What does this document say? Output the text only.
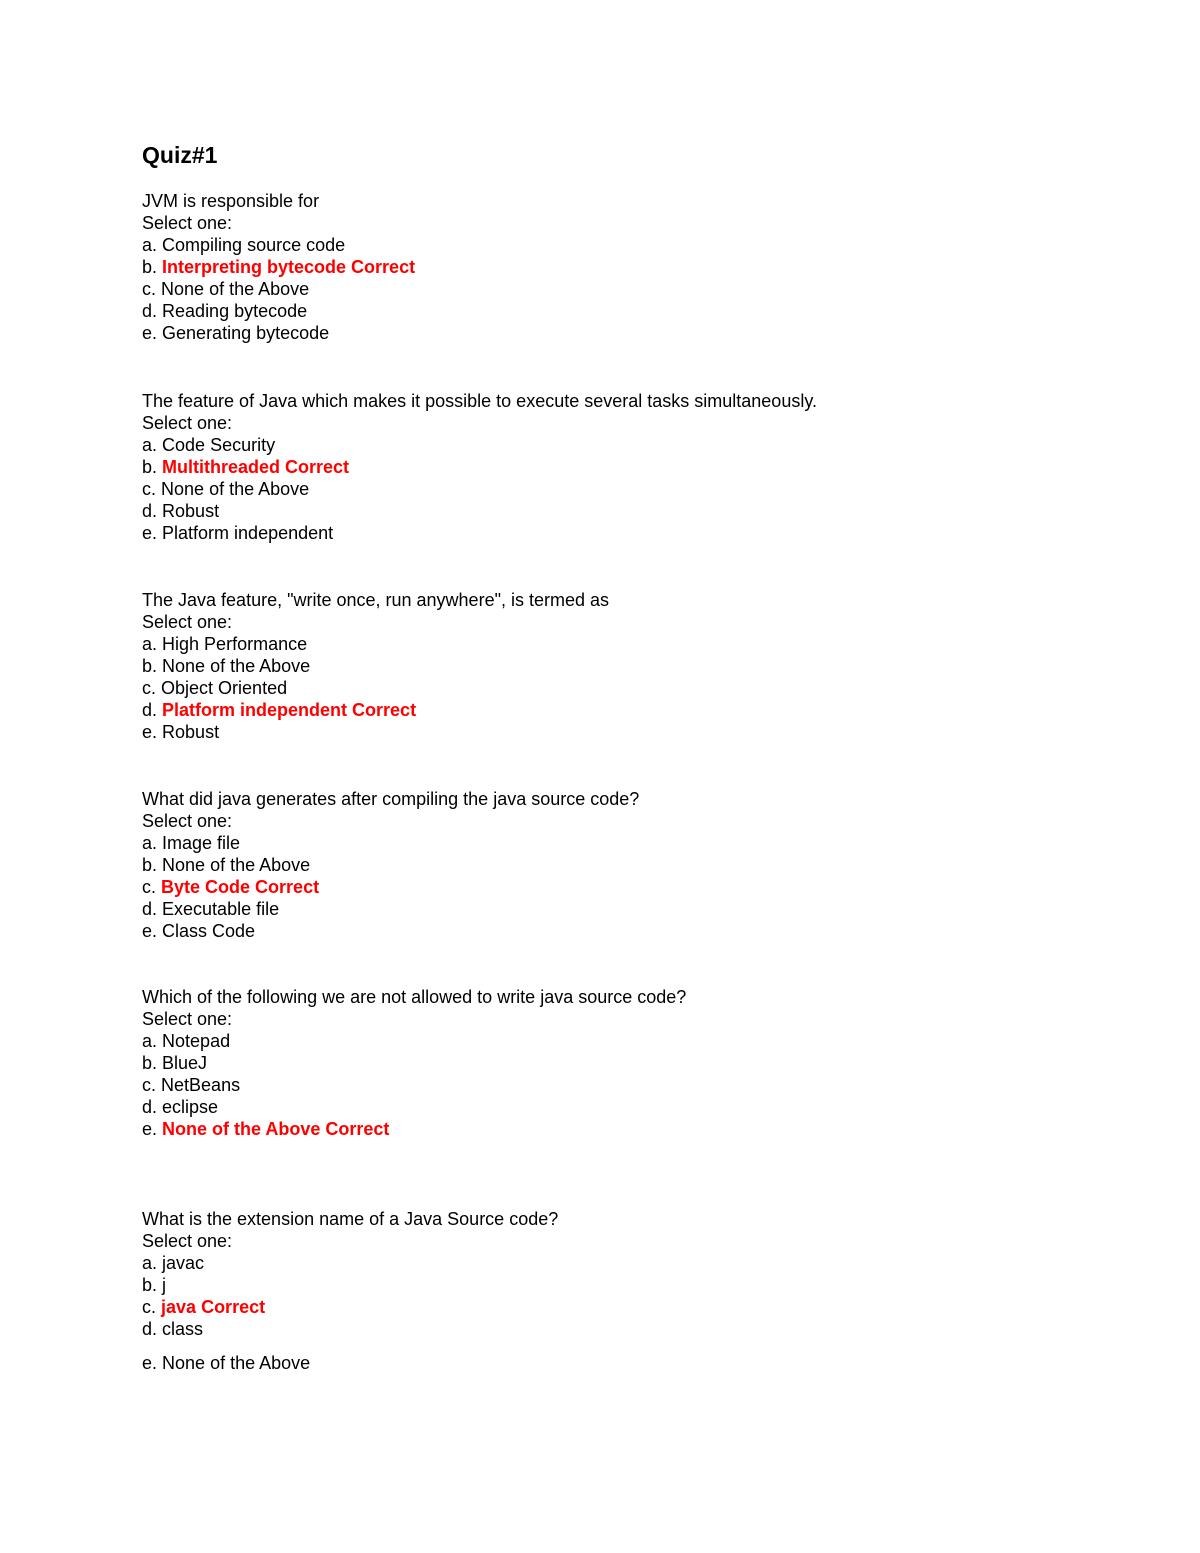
Quiz#1
JVM is responsible for
Select one:
a. Compiling source code
b. Interpreting bytecode Correct
c. None of the Above
d. Reading bytecode
e. Generating bytecode
The feature of Java which makes it possible to execute several tasks simultaneously.
Select one:
a. Code Security
b. Multithreaded Correct
c. None of the Above
d. Robust
e. Platform independent
The Java feature, "write once, run anywhere", is termed as
Select one:
a. High Performance
b. None of the Above
c. Object Oriented
d. Platform independent Correct
e. Robust
What did java generates after compiling the java source code?
Select one:
a. Image file
b. None of the Above
c. Byte Code Correct
d. Executable file
e. Class Code
Which of the following we are not allowed to write java source code?
Select one:
a. Notepad
b. BlueJ
c. NetBeans
d. eclipse
e. None of the Above Correct
What is the extension name of a Java Source code?
Select one:
a. javac
b. j
c. java Correct
d. class
e. None of the Above
